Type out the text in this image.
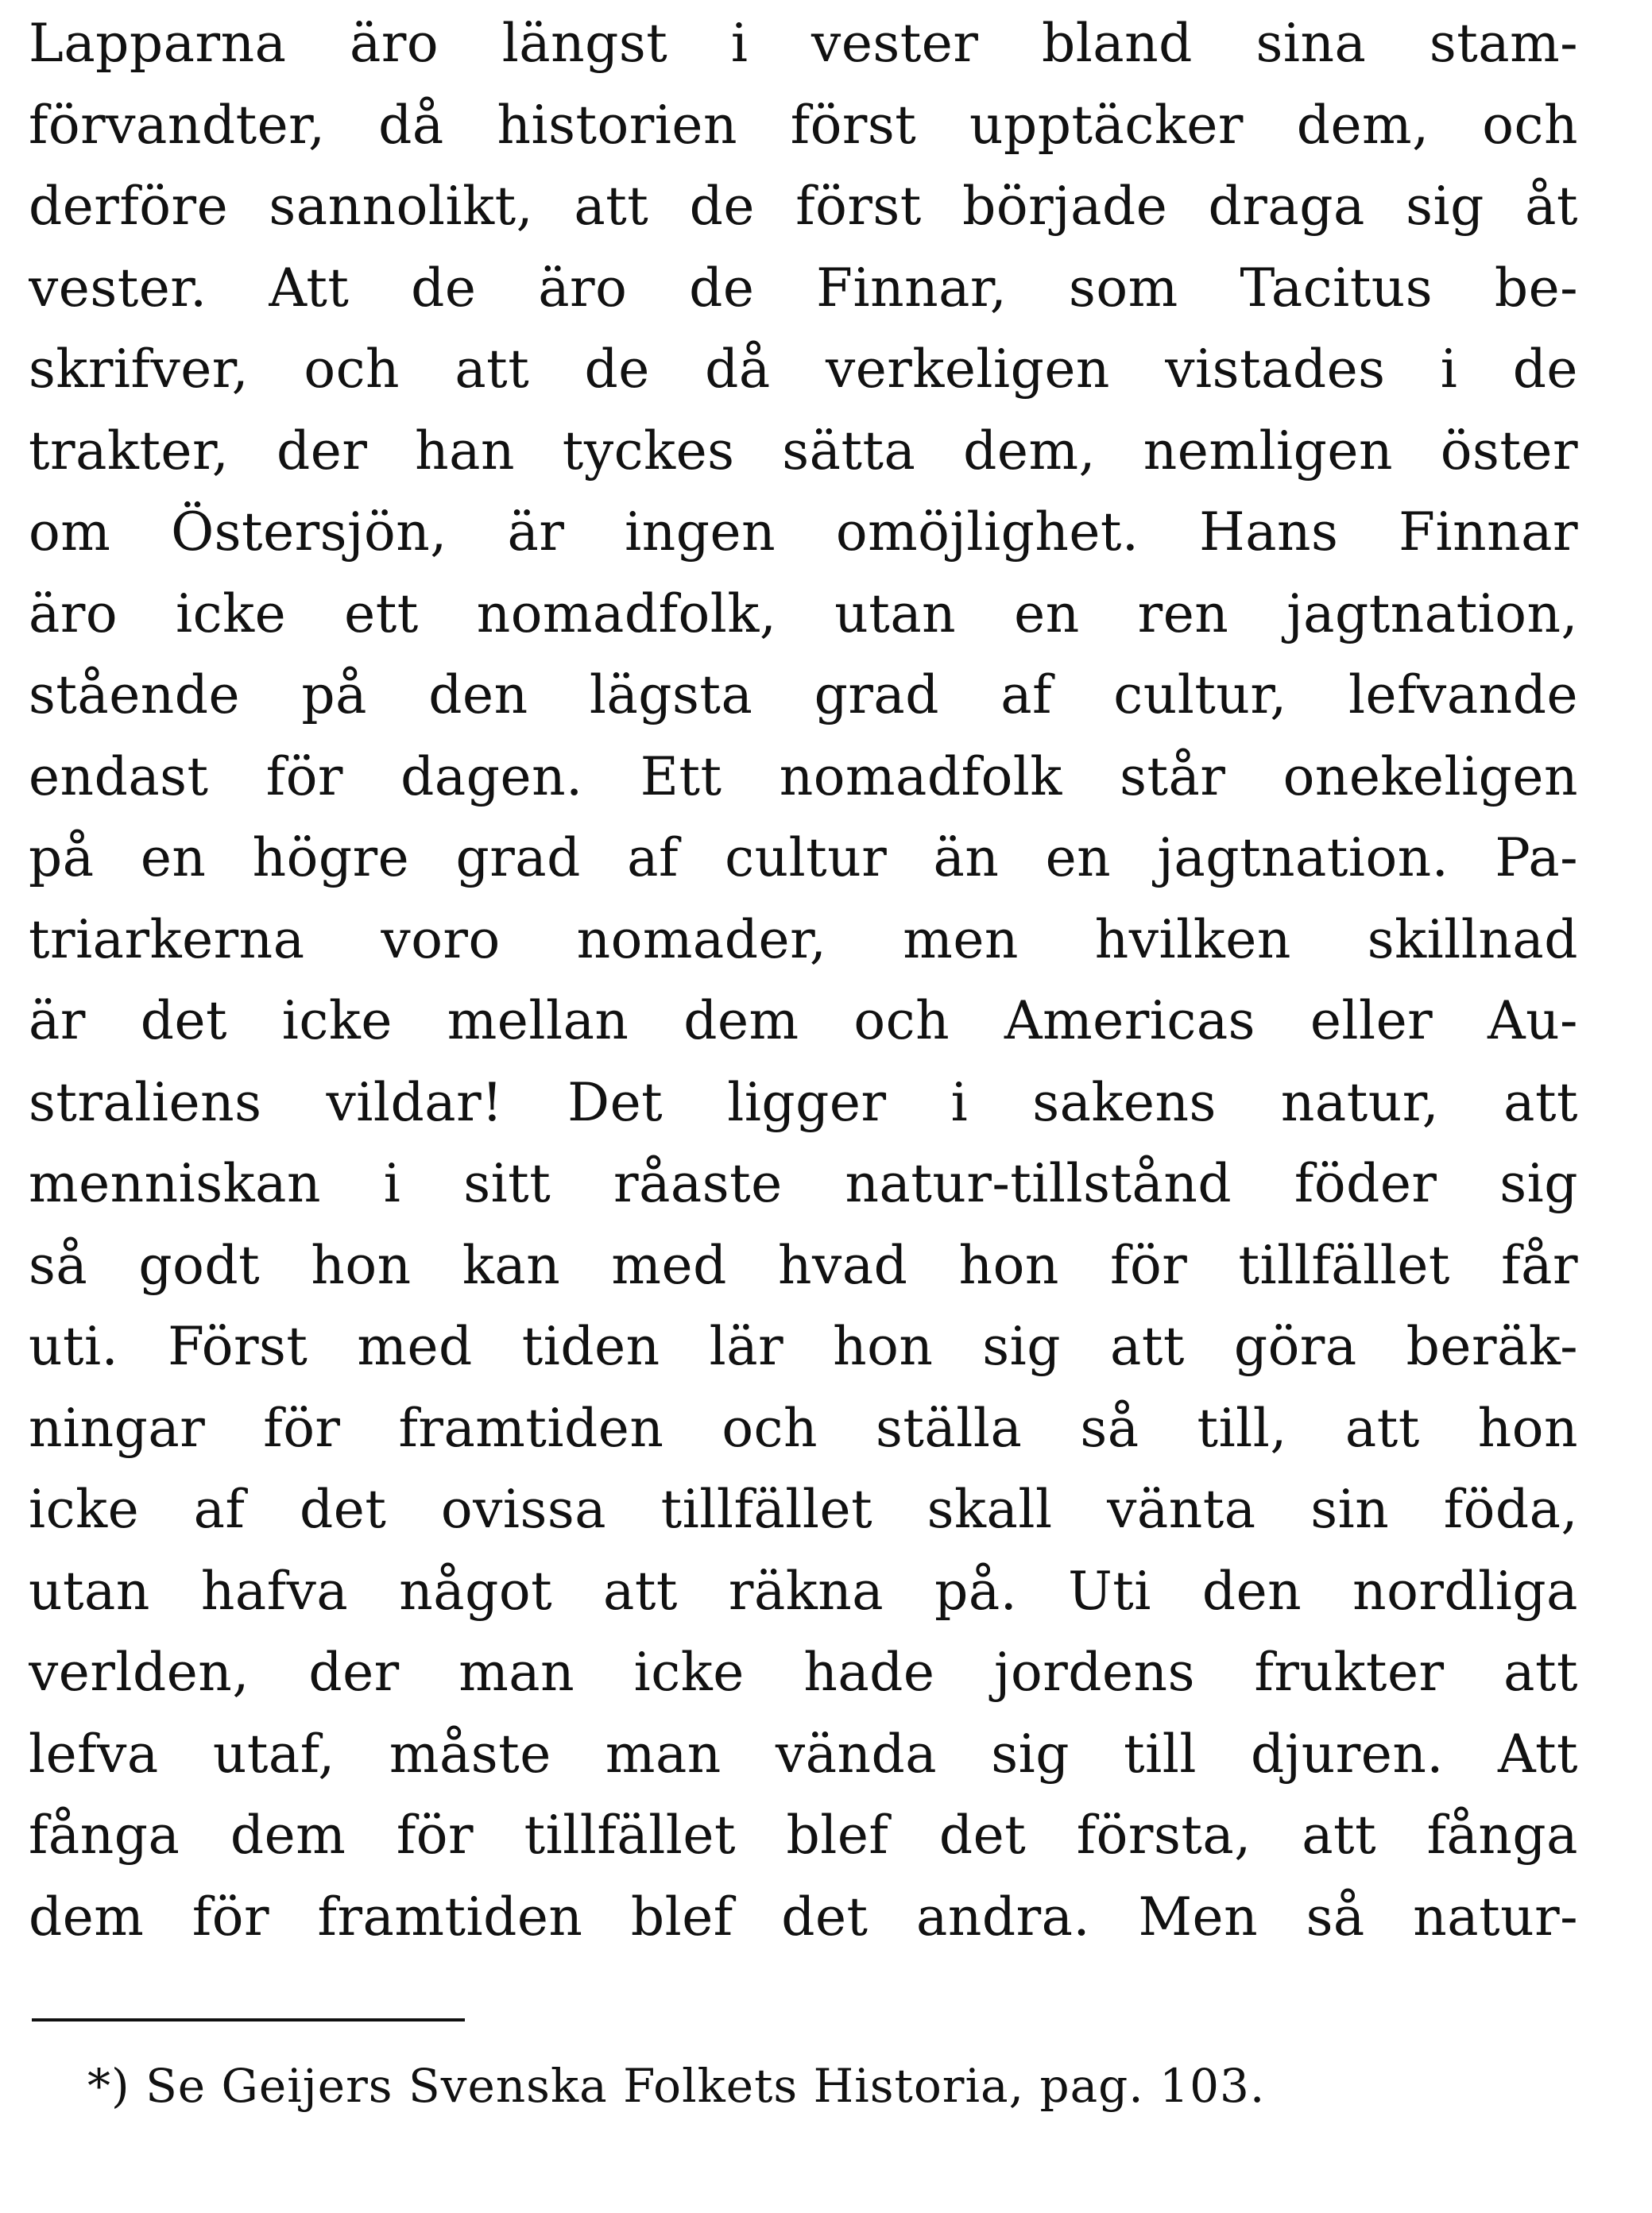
Lapparna äro längst i vester bland sina stam-
förvandter, då historien först upptäcker dem, och
derföre sannolikt, att de först började draga sig åt
vester. Att de äro de Finnar, som Tacitus be-
skrifver, och att de då verkeligen vistades i de
trakter, der han tyckes sätta dem, nemligen öster
om Östersjön, är ingen omöjlighet. Hans Finnar
äro icke ett nomadfolk, utan en ren jagtnation,
stående på den lägsta grad af cultur, lefvande
endast för dagen. Ett nomadfolk står onekeligen
på en högre grad af cultur än en jagtnation. Pa-
triarkerna voro nomader, men hvilken skillnad
är det icke mellan dem och Americas eller Au-
straliens vildar! Det ligger i sakens natur, att
menniskan i sitt råaste natur-tillstånd föder sig
så godt hon kan med hvad hon för tillfället får
uti. Först med tiden lär hon sig att göra beräk-
ningar för framtiden och ställa så till, att hon
icke af det ovissa tillfället skall vänta sin föda,
utan hafva något att räkna på. Uti den nordliga
verlden, der man icke hade jordens frukter att
lefva utaf, måste man vända sig till djuren. Att
fånga dem för tillfället blef det första, att fånga
dem för framtiden blef det andra. Men så natur-
*) Se Geijers Svenska Folkets Historia, pag. 103.
